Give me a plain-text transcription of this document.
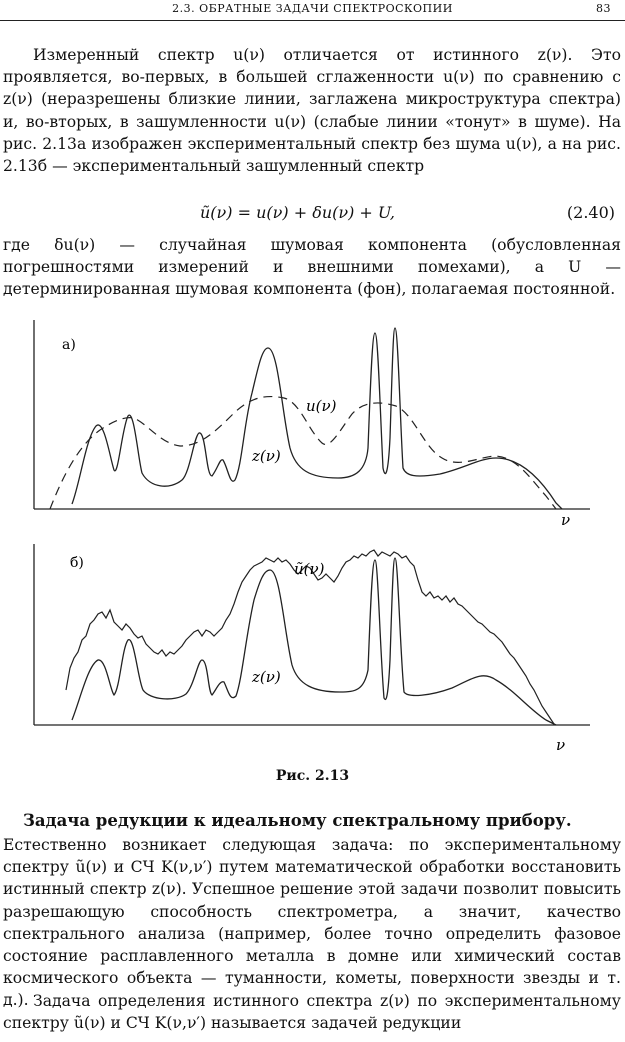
2.3. ОБРАТНЫЕ ЗАДАЧИ СПЕКТРОСКОПИИ	83
Измеренный спектр u(ν) отличается от истинного z(ν). Это проявляется, во-первых, в большей сглаженности u(ν) по сравнению с z(ν) (неразрешены близкие линии, заглажена микроструктура спектра) и, во-вторых, в зашумленности u(ν) (слабые линии «тонут» в шуме). На рис. 2.13а изображен экспериментальный спектр без шума u(ν), а на рис. 2.13б — экспериментальный зашумленный спектр
ũ(ν) = u(ν) + δu(ν) + U,	(2.40)
где δu(ν) — случайная шумовая компонента (обусловленная погрешностями измерений и внешними помехами), а U — детерминированная шумовая компонента (фон), полагаемая постоянной.
а)
u(ν)
z(ν)
ν
б)	ũ(ν)
z(ν)
ν
Рис. 2.13
Задача редукции к идеальному спектральному прибору.
Естественно возникает следующая задача: по экспериментальному спектру ũ(ν) и СЧ K(ν,ν′) путем математической обработки восстановить истинный спектр z(ν). Успешное решение этой задачи позволит повысить разрешающую способность спектрометра, а значит, качество спектрального анализа (например, более точно определить фазовое состояние расплавленного металла в домне или химический состав космического объекта — туманности, кометы, поверхности звезды и т. д.). Задача определения истинного спектра z(ν) по экспериментальному спектру ũ(ν) и СЧ K(ν,ν′) называется задачей редукции
